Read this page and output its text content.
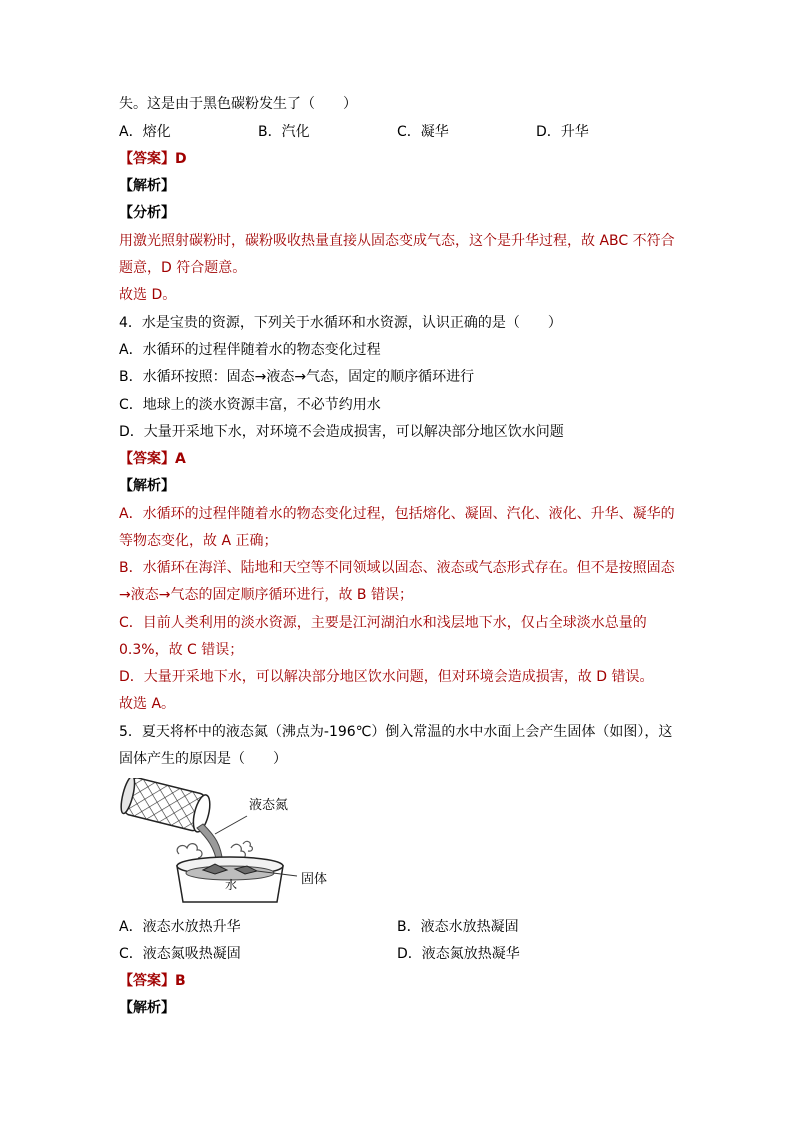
失。这是由于黑色碳粉发生了（　　）
A．熔化	B．汽化	C．凝华	D．升华
【答案】D
【解析】
【分析】
用激光照射碳粉时，碳粉吸收热量直接从固态变成气态，这个是升华过程，故 ABC 不符合
题意，D 符合题意。
故选 D。
4．水是宝贵的资源，下列关于水循环和水资源，认识正确的是（　　）
A．水循环的过程伴随着水的物态变化过程
B．水循环按照：固态→液态→气态，固定的顺序循环进行
C．地球上的淡水资源丰富，不必节约用水
D．大量开采地下水，对环境不会造成损害，可以解决部分地区饮水问题
【答案】A
【解析】
A．水循环的过程伴随着水的物态变化过程，包括熔化、凝固、汽化、液化、升华、凝华的
等物态变化，故 A 正确；
B．水循环在海洋、陆地和天空等不同领域以固态、液态或气态形式存在。但不是按照固态
→液态→气态的固定顺序循环进行，故 B 错误；
C．目前人类利用的淡水资源，主要是江河湖泊水和浅层地下水，仅占全球淡水总量的
0.3%，故 C 错误；
D．大量开采地下水，可以解决部分地区饮水问题，但对环境会造成损害，故 D 错误。
故选 A。
5．夏天将杯中的液态氮（沸点为-196℃）倒入常温的水中水面上会产生固体（如图），这
固体产生的原因是（　　）
液态氮
水	固体
A．液态水放热升华	B．液态水放热凝固
C．液态氮吸热凝固	D．液态氮放热凝华
【答案】B
【解析】
